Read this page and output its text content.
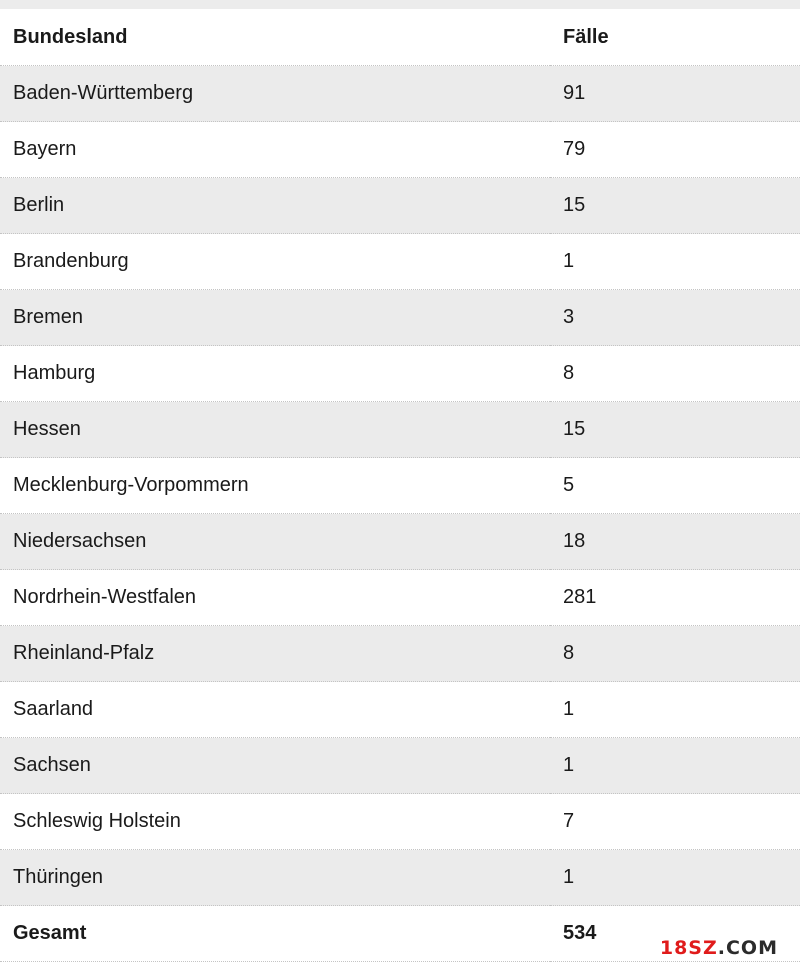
Bundesland	Fälle
Baden-Württemberg	91
Bayern	79
Berlin	15
Brandenburg	1
Bremen	3
Hamburg	8
Hessen	15
Mecklenburg-Vorpommern	5
Niedersachsen	18
Nordrhein-Westfalen	281
Rheinland-Pfalz	8
Saarland	1
Sachsen	1
Schleswig Holstein	7
Thüringen	1
Gesamt	534
18SZ.COM
